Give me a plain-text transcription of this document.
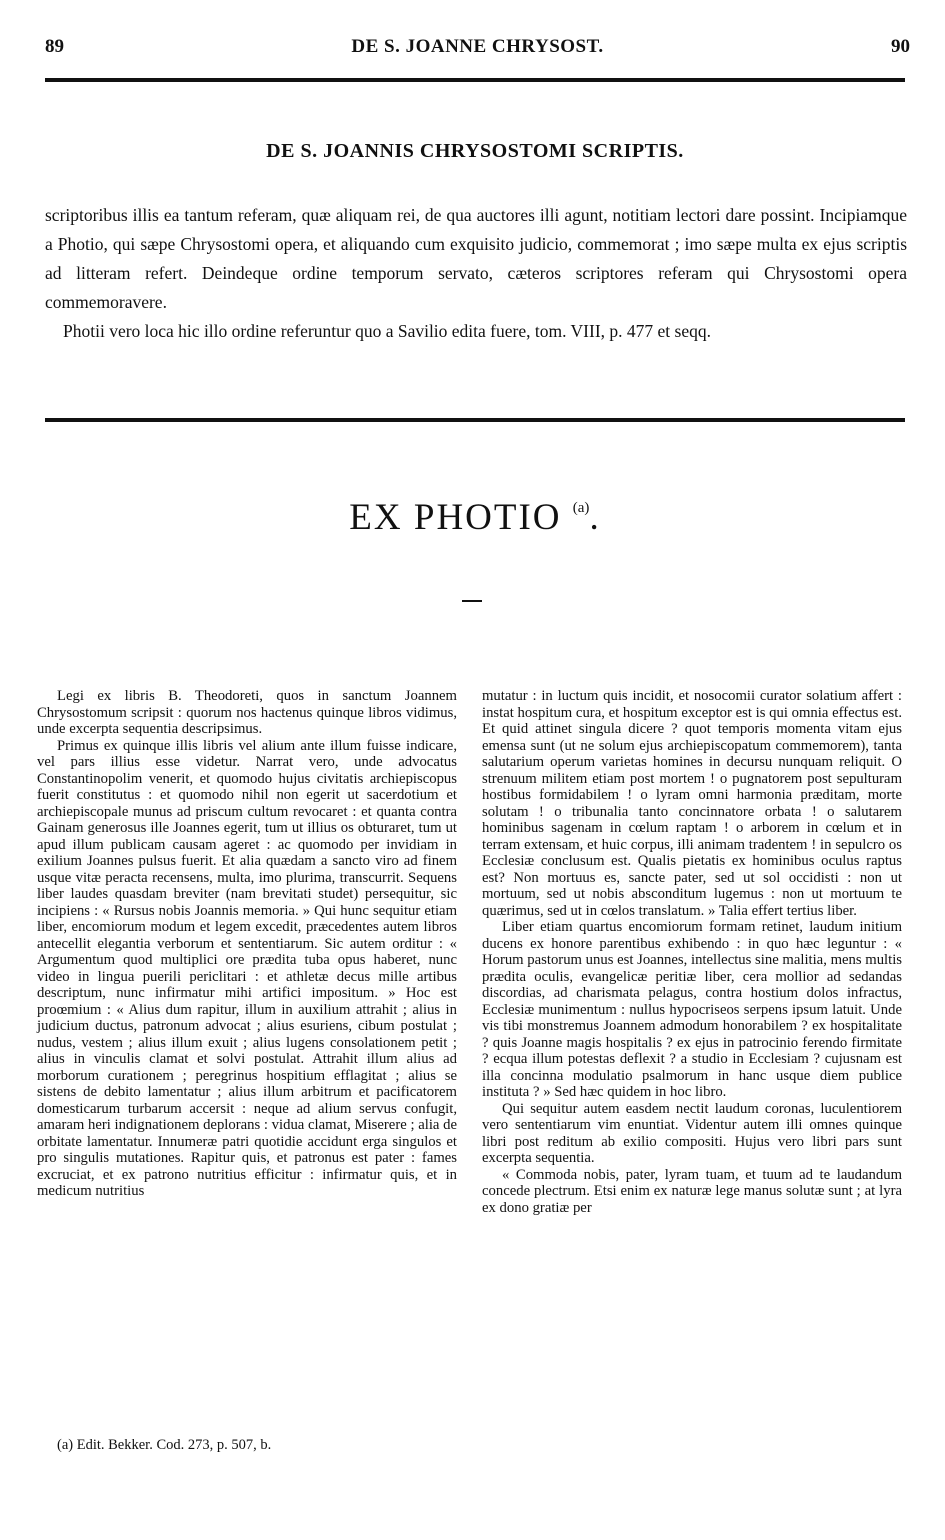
89	DE S. JOANNE CHRYSOST.	90
DE S. JOANNIS CHRYSOSTOMI SCRIPTIS.

scriptoribus illis ea tantum referam, quæ aliquam rei, de qua auctores illi agunt, notitiam lectori dare possint. Incipiamque a Photio, qui sæpe Chrysostomi opera, et aliquando cum exquisito judicio, commemorat ; imo sæpe multa ex ejus scriptis ad litteram refert. Deindeque ordine temporum servato, cæteros scriptores referam qui Chrysostomi opera commemoravere.

Photii vero loca hic illo ordine referuntur quo a Savilio edita fuere, tom. VIII, p. 477 et seqq.

EX PHOTIO $^{(a)}$.

Legi ex libris B. Theodoreti, quos in sanctum Joannem Chrysostomum scripsit : quorum nos hactenus quinque libros vidimus, unde excerpta sequentia descripsimus.

Primus ex quinque illis libris vel alium ante illum fuisse indicare, vel pars illius esse videtur. Narrat vero, unde advocatus Constantinopolim venerit, et quomodo hujus civitatis archiepiscopus fuerit constitutus : et quomodo nihil non egerit ut sacerdotium et archiepiscopale munus ad priscum cultum revocaret : et quanta contra Gainam generosus ille Joannes egerit, tum ut illius os obturaret, tum ut apud illum publicam causam ageret : ac quomodo per invidiam in exilium Joannes pulsus fuerit. Et alia quædam a sancto viro ad finem usque vitæ peracta recensens, multa, imo plurima, transcurrit. Sequens liber laudes quasdam breviter (nam brevitati studet) persequitur, sic incipiens : « Rursus nobis Joannis memoria. » Qui hunc sequitur etiam liber, encomiorum modum et legem excedit, præcedentes autem libros antecellit elegantia verborum et sententiarum. Sic autem orditur : « Argumentum quod multiplici ore prædita tuba opus haberet, nunc video in lingua puerili periclitari : et athletæ decus mille artibus descriptum, nunc infirmatur mihi artifici impositum. » Hoc est proœmium : « Alius dum rapitur, illum in auxilium attrahit ; alius in judicium ductus, patronum advocat ; alius esuriens, cibum postulat ; nudus, vestem ; alius illum exuit ; alius lugens consolationem petit ; alius in vinculis clamat et solvi postulat. Attrahit illum alius ad morborum curationem ; peregrinus hospitium efflagitat ; alius se sistens de debito lamentatur ; alius illum arbitrum et pacificatorem domesticarum turbarum accersit : neque ad alium servus confugit, amaram heri indignationem deplorans : vidua clamat, Miserere ; alia de orbitate lamentatur. Innumeræ patri quotidie accidunt erga singulos et pro singulis mutationes. Rapitur quis, et patronus est pater : fames excruciat, et ex patrono nutritius efficitur : infirmatur quis, et in medicum nutritius

mutatur : in luctum quis incidit, et nosocomii curator solatium affert : instat hospitum cura, et hospitum exceptor est is qui omnia effectus est. Et quid attinet singula dicere ? quot temporis momenta vitam ejus emensa sunt (ut ne solum ejus archiepiscopatum commemorem), tanta salutarium operum varietas homines in decursu nunquam reliquit. O strenuum militem etiam post mortem ! o pugnatorem post sepulturam hostibus formidabilem ! o lyram omni harmonia præditam, morte solutam ! o tribunalia tanto concinnatore orbata ! o salutarem hominibus sagenam in cœlum raptam ! o arborem in cœlum et in terram extensam, et huic corpus, illi animam tradentem ! in sepulcro os Ecclesiæ conclusum est. Qualis pietatis ex hominibus oculus raptus est? Non mortuus es, sancte pater, sed ut sol occidisti : non ut mortuum, sed ut nobis absconditum lugemus : non ut mortuum te quærimus, sed ut in cœlos translatum. » Talia effert tertius liber.

Liber etiam quartus encomiorum formam retinet, laudum initium ducens ex honore parentibus exhibendo : in quo hæc leguntur : « Horum pastorum unus est Joannes, intellectus sine malitia, mens multis prædita oculis, evangelicæ peritiæ liber, cera mollior ad sedandas discordias, ad charismata pelagus, contra hostium dolos infractus, Ecclesiæ munimentum : nullus hypocriseos serpens ipsum latuit. Unde vis tibi monstremus Joannem admodum honorabilem ? ex hospitalitate ? quis Joanne magis hospitalis ? ex ejus in patrocinio ferendo firmitate ? ecqua illum potestas deflexit ? a studio in Ecclesiam ? cujusnam est illa concinna modulatio psalmorum in hanc usque diem publice instituta ? » Sed hæc quidem in hoc libro.

Qui sequitur autem easdem nectit laudum coronas, luculentiorem vero sententiarum vim enuntiat. Videntur autem illi omnes quinque libri post reditum ab exilio compositi. Hujus vero libri pars sunt excerpta sequentia.

« Commoda nobis, pater, lyram tuam, et tuum ad te laudandum concede plectrum. Etsi enim ex naturæ lege manus solutæ sunt ; at lyra ex dono gratiæ per

(a) Edit. Bekker. Cod. 273, p. 507, b.
